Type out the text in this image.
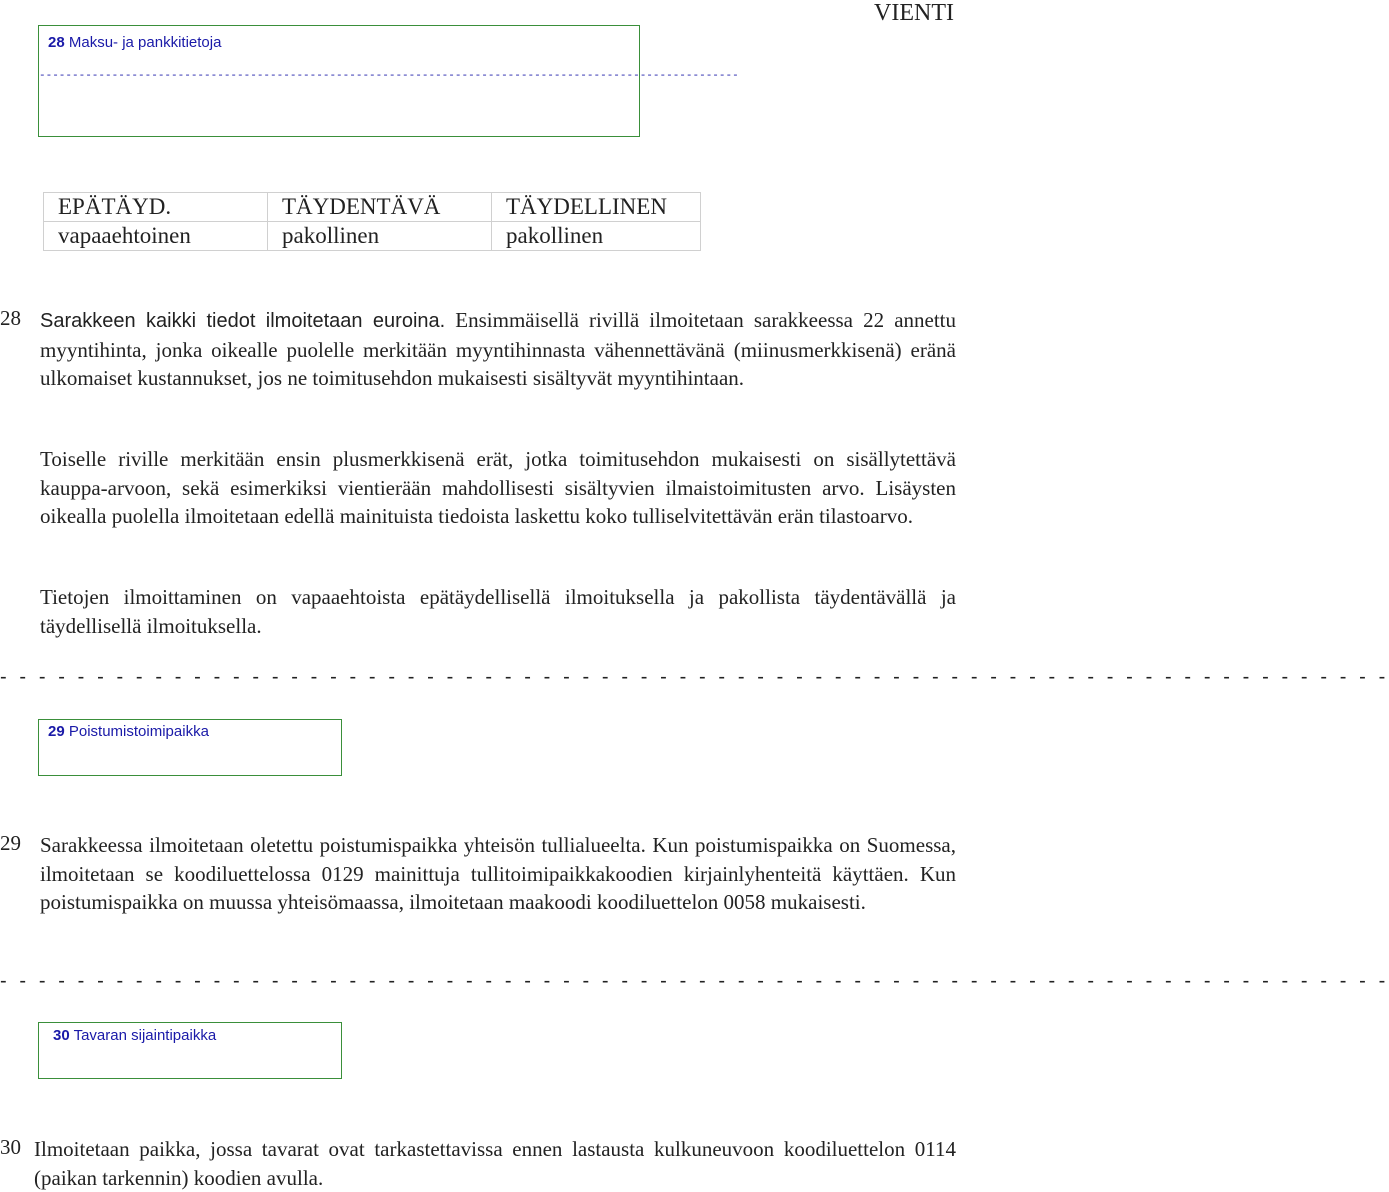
VIENTI
28 Maksu- ja pankkitietoja
----------------------------------------------------------------------------------------------------------
EPÄTÄYD.	TÄYDENTÄVÄ	TÄYDELLINEN
vapaaehtoinen	pakollinen	pakollinen
28 Sarakkeen kaikki tiedot ilmoitetaan euroina. Ensimmäisellä rivillä ilmoitetaan sarakkeessa 22 annettu myyntihinta, jonka oikealle puolelle merkitään myyntihinnasta vähennettävänä (miinusmerkkisenä) eränä ulkomaiset kustannukset, jos ne toimitusehdon mukaisesti sisältyvät myyntihintaan.
Toiselle riville merkitään ensin plusmerkkisenä erät, jotka toimitusehdon mukaisesti on sisällytettävä kauppa-arvoon, sekä esimerkiksi vientierään mahdollisesti sisältyvien ilmaistoimitusten arvo. Lisäysten oikealla puolella ilmoitetaan edellä mainituista tiedoista laskettu koko tulliselvitettävän erän tilastoarvo.
Tietojen ilmoittaminen on vapaaehtoista epätäydellisellä ilmoituksella ja pakollista täydentävällä ja täydellisellä ilmoituksella.
- - - - - - - - - - - - - - - - - - - - - - - - - - - - - - - - - - - - - - - - - - - - - - - - - - - - - - - - - - - - - - - - - - - - - - - -
29 Poistumistoimipaikka
29 Sarakkeessa ilmoitetaan oletettu poistumispaikka yhteisön tullialueelta. Kun poistumispaikka on Suomessa, ilmoitetaan se koodiluettelossa 0129 mainittuja tullitoimipaikkakoodien kirjainlyhenteitä käyttäen. Kun poistumispaikka on muussa yhteisömaassa, ilmoitetaan maakoodi koodiluettelon 0058 mukaisesti.
- - - - - - - - - - - - - - - - - - - - - - - - - - - - - - - - - - - - - - - - - - - - - - - - - - - - - - - - - - - - - - - - - - - - - - - -
30 Tavaran sijaintipaikka
30 Ilmoitetaan paikka, jossa tavarat ovat tarkastettavissa ennen lastausta kulkuneuvoon koodiluettelon 0114 (paikan tarkennin) koodien avulla.
